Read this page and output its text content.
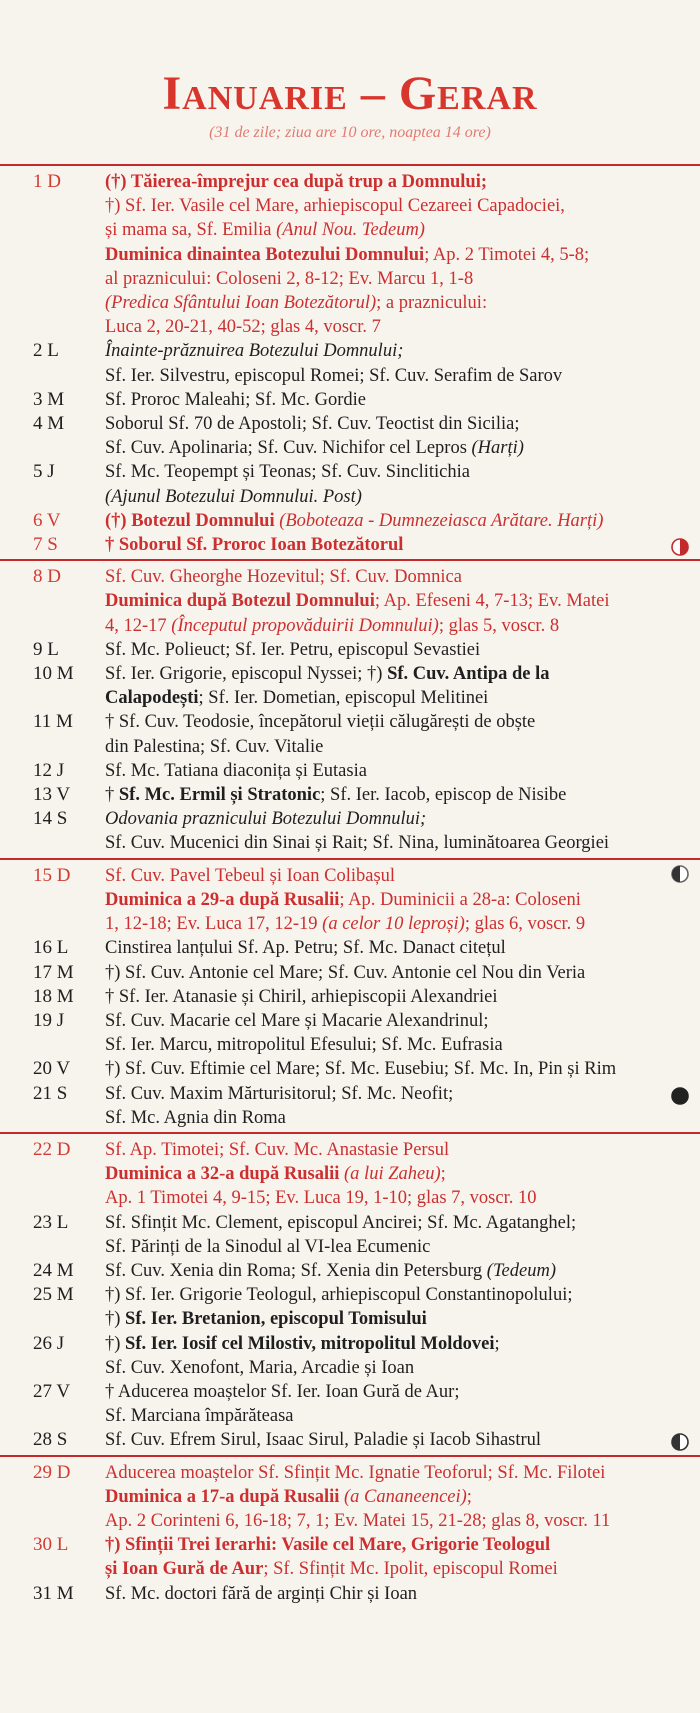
Ianuarie – Gerar
(31 de zile; ziua are 10 ore, noaptea 14 ore)
1 D	(†) Tăierea-împrejur cea după trup a Domnului;
†) Sf. Ier. Vasile cel Mare, arhiepiscopul Cezareei Capadociei,
și mama sa, Sf. Emilia (Anul Nou. Tedeum)
Duminica dinaintea Botezului Domnului; Ap. 2 Timotei 4, 5-8;
al praznicului: Coloseni 2, 8-12; Ev. Marcu 1, 1-8
(Predica Sfântului Ioan Botezătorul); a praznicului:
Luca 2, 20-21, 40-52; glas 4, voscr. 7
2 L	Înainte-prăznuirea Botezului Domnului;
Sf. Ier. Silvestru, episcopul Romei; Sf. Cuv. Serafim de Sarov
3 M	Sf. Proroc Maleahi; Sf. Mc. Gordie
4 M	Soborul Sf. 70 de Apostoli; Sf. Cuv. Teoctist din Sicilia;
Sf. Cuv. Apolinaria; Sf. Cuv. Nichifor cel Lepros (Harți)
5 J	Sf. Mc. Teopempt și Teonas; Sf. Cuv. Sinclitichia
(Ajunul Botezului Domnului. Post)
6 V	(†) Botezul Domnului (Boboteaza - Dumnezeiasca Arătare. Harți)
7 S	† Soborul Sf. Proroc Ioan Botezătorul
8 D	Sf. Cuv. Gheorghe Hozevitul; Sf. Cuv. Domnica
Duminica după Botezul Domnului; Ap. Efeseni 4, 7-13; Ev. Matei
4, 12-17 (Începutul propovăduirii Domnului); glas 5, voscr. 8
9 L	Sf. Mc. Polieuct; Sf. Ier. Petru, episcopul Sevastiei
10 M	Sf. Ier. Grigorie, episcopul Nyssei; †) Sf. Cuv. Antipa de la
Calapodești; Sf. Ier. Dometian, episcopul Melitinei
11 M	† Sf. Cuv. Teodosie, începătorul vieții călugărești de obște
din Palestina; Sf. Cuv. Vitalie
12 J	Sf. Mc. Tatiana diaconița și Eutasia
13 V	† Sf. Mc. Ermil și Stratonic; Sf. Ier. Iacob, episcop de Nisibe
14 S	Odovania praznicului Botezului Domnului;
Sf. Cuv. Mucenici din Sinai și Rait; Sf. Nina, luminătoarea Georgiei
15 D	Sf. Cuv. Pavel Tebeul și Ioan Colibașul
Duminica a 29-a după Rusalii; Ap. Duminicii a 28-a: Coloseni
1, 12-18; Ev. Luca 17, 12-19 (a celor 10 leproși); glas 6, voscr. 9
16 L	Cinstirea lanțului Sf. Ap. Petru; Sf. Mc. Danact citețul
17 M	†) Sf. Cuv. Antonie cel Mare; Sf. Cuv. Antonie cel Nou din Veria
18 M	† Sf. Ier. Atanasie și Chiril, arhiepiscopii Alexandriei
19 J	Sf. Cuv. Macarie cel Mare și Macarie Alexandrinul;
Sf. Ier. Marcu, mitropolitul Efesului; Sf. Mc. Eufrasia
20 V	†) Sf. Cuv. Eftimie cel Mare; Sf. Mc. Eusebiu; Sf. Mc. In, Pin și Rim
21 S	Sf. Cuv. Maxim Mărturisitorul; Sf. Mc. Neofit;
Sf. Mc. Agnia din Roma
22 D	Sf. Ap. Timotei; Sf. Cuv. Mc. Anastasie Persul
Duminica a 32-a după Rusalii (a lui Zaheu);
Ap. 1 Timotei 4, 9-15; Ev. Luca 19, 1-10; glas 7, voscr. 10
23 L	Sf. Sfințit Mc. Clement, episcopul Ancirei; Sf. Mc. Agatanghel;
Sf. Părinți de la Sinodul al VI-lea Ecumenic
24 M	Sf. Cuv. Xenia din Roma; Sf. Xenia din Petersburg (Tedeum)
25 M	†) Sf. Ier. Grigorie Teologul, arhiepiscopul Constantinopolului;
†) Sf. Ier. Bretanion, episcopul Tomisului
26 J	†) Sf. Ier. Iosif cel Milostiv, mitropolitul Moldovei;
Sf. Cuv. Xenofont, Maria, Arcadie și Ioan
27 V	† Aducerea moaștelor Sf. Ier. Ioan Gură de Aur;
Sf. Marciana împărăteasa
28 S	Sf. Cuv. Efrem Sirul, Isaac Sirul, Paladie și Iacob Sihastrul
29 D	Aducerea moaștelor Sf. Sfințit Mc. Ignatie Teoforul; Sf. Mc. Filotei
Duminica a 17-a după Rusalii (a Cananeencei);
Ap. 2 Corinteni 6, 16-18; 7, 1; Ev. Matei 15, 21-28; glas 8, voscr. 11
30 L	†) Sfinții Trei Ierarhi: Vasile cel Mare, Grigorie Teologul
și Ioan Gură de Aur; Sf. Sfințit Mc. Ipolit, episcopul Romei
31 M	Sf. Mc. doctori fără de arginți Chir și Ioan
